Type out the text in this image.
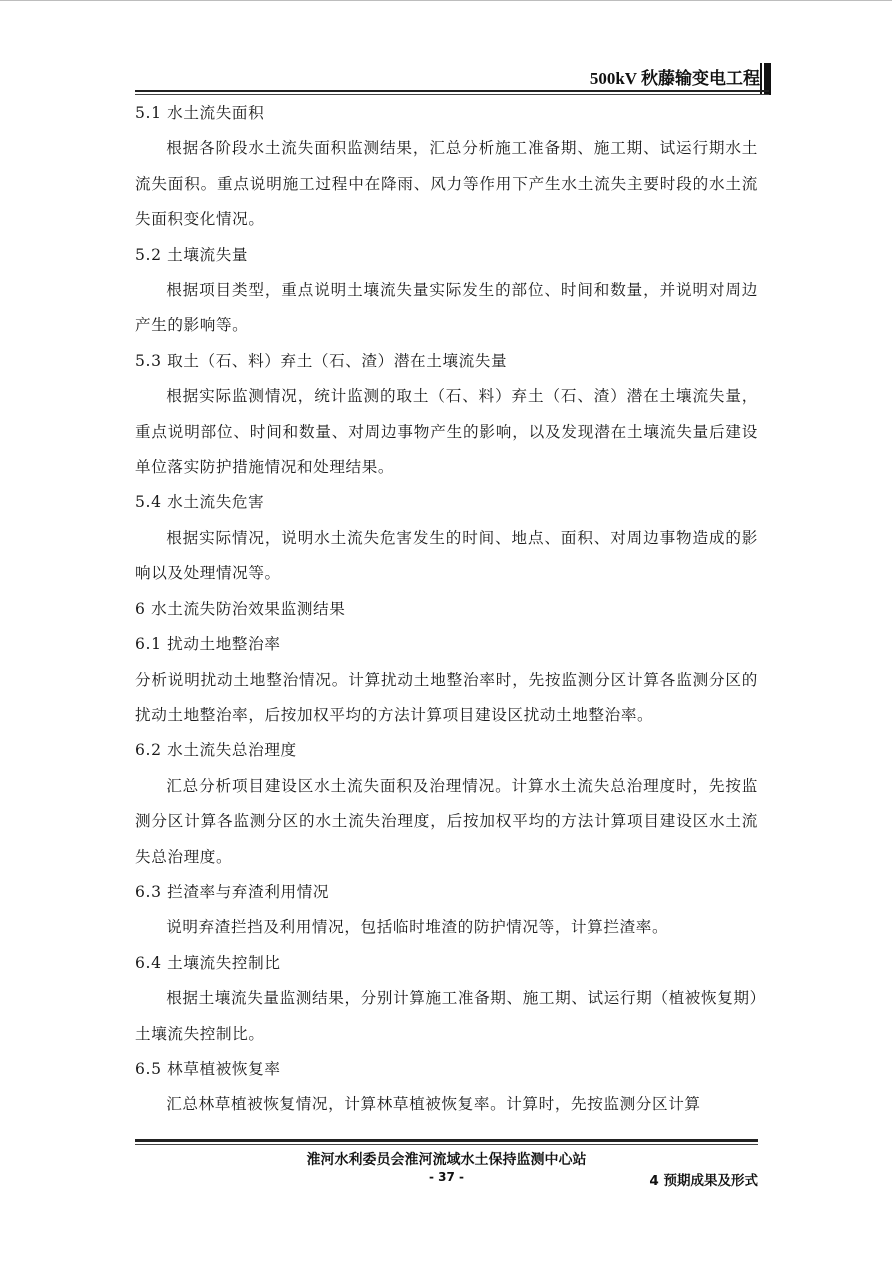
500kV 秋藤输变电工程

5.1 水土流失面积

根据各阶段水土流失面积监测结果，汇总分析施工准备期、施工期、试运行期水土流失面积。重点说明施工过程中在降雨、风力等作用下产生水土流失主要时段的水土流失面积变化情况。

5.2 土壤流失量

根据项目类型，重点说明土壤流失量实际发生的部位、时间和数量，并说明对周边产生的影响等。

5.3 取土（石、料）弃土（石、渣）潜在土壤流失量

根据实际监测情况，统计监测的取土（石、料）弃土（石、渣）潜在土壤流失量，重点说明部位、时间和数量、对周边事物产生的影响，以及发现潜在土壤流失量后建设单位落实防护措施情况和处理结果。

5.4 水土流失危害

根据实际情况，说明水土流失危害发生的时间、地点、面积、对周边事物造成的影响以及处理情况等。

6 水土流失防治效果监测结果

6.1 扰动土地整治率

分析说明扰动土地整治情况。计算扰动土地整治率时，先按监测分区计算各监测分区的扰动土地整治率，后按加权平均的方法计算项目建设区扰动土地整治率。

6.2 水土流失总治理度

汇总分析项目建设区水土流失面积及治理情况。计算水土流失总治理度时，先按监测分区计算各监测分区的水土流失治理度，后按加权平均的方法计算项目建设区水土流失总治理度。

6.3 拦渣率与弃渣利用情况

说明弃渣拦挡及利用情况，包括临时堆渣的防护情况等，计算拦渣率。

6.4 土壤流失控制比

根据土壤流失量监测结果，分别计算施工准备期、施工期、试运行期（植被恢复期）土壤流失控制比。

6.5 林草植被恢复率

汇总林草植被恢复情况，计算林草植被恢复率。计算时，先按监测分区计算

淮河水利委员会淮河流域水土保持监测中心站
- 37 -	4 预期成果及形式
